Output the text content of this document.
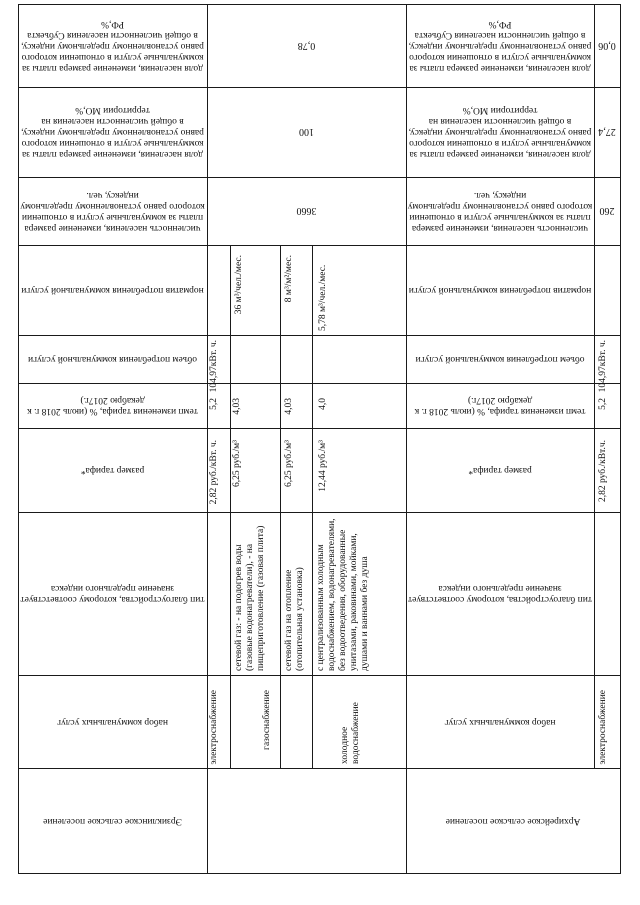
доля населения, изменение размера платы за коммунальные услуги в отношении которого равно установленному предельному индексу, в общей численности населения Субъекта РФ,%
доля населения, изменение размера платы за коммунальные услуги в отношении которого равно установленному предельному индексу, в общей численности населения на территории МО,%
численность населения, изменение размера платы за коммунальные услуги в отношении которого равно установленному предельному индексу, чел.
норматив потребления коммунальной услуги
объем потребления коммунальной услуги
темп изменения тарифа, % (июль 2018 г. к декабрю 2017г.)
размер тарифа*
тип благоустройства, которому соответствует значение предельного индекса
набор коммунальных услуг
Эрзиклинское сельское поселение
0,78
100
3660
электроснабжение
2,82 руб./кВт. ч.
5,2
104,97кВт. ч.
газоснабжение
сетевой газ: - на подогрев воды (газовые водонагреватели), - на пищеприготовление (газовая плита)
6,25 руб./м³
4,03
36 м³/чел./мес.
сетевой газ на отопление (отопительная установка)
6,25 руб./м³
4,03
8 м³/м²/мес.
холодное водоснабжение
с централизованным холодным водоснабжением, водонагревателями, без водоотведения, оборудованные унитазами, раковинами, мойками, душами и ваннами без душа
12,44 руб./м³
4,0
5,78 м³/чел./мес.
доля населения, изменение размера платы за коммунальные услуги в отношении которого равно установленному предельному индексу, в общей численности населения Субъекта РФ,%
доля населения, изменение размера платы за коммунальные услуги в отношении которого равно установленному предельному индексу, в общей численности населения на территории МО,%
численность населения, изменение размера платы за коммунальные услуги в отношении которого равно установленному предельному индексу, чел.
норматив потребления коммунальной услуги
объем потребления коммунальной услуги
темп изменения тарифа, % (июль 2018 г. к декабрю 2017г.)
размер тарифа*
тип благоустройства, которому соответствует значение предельного индекса
набор коммунальных услуг
Архирейское сельское поселение
0,06
27,4
260
5,2
104,97кВт. ч.
2,82 руб./кВт.ч.
электроснабжение
